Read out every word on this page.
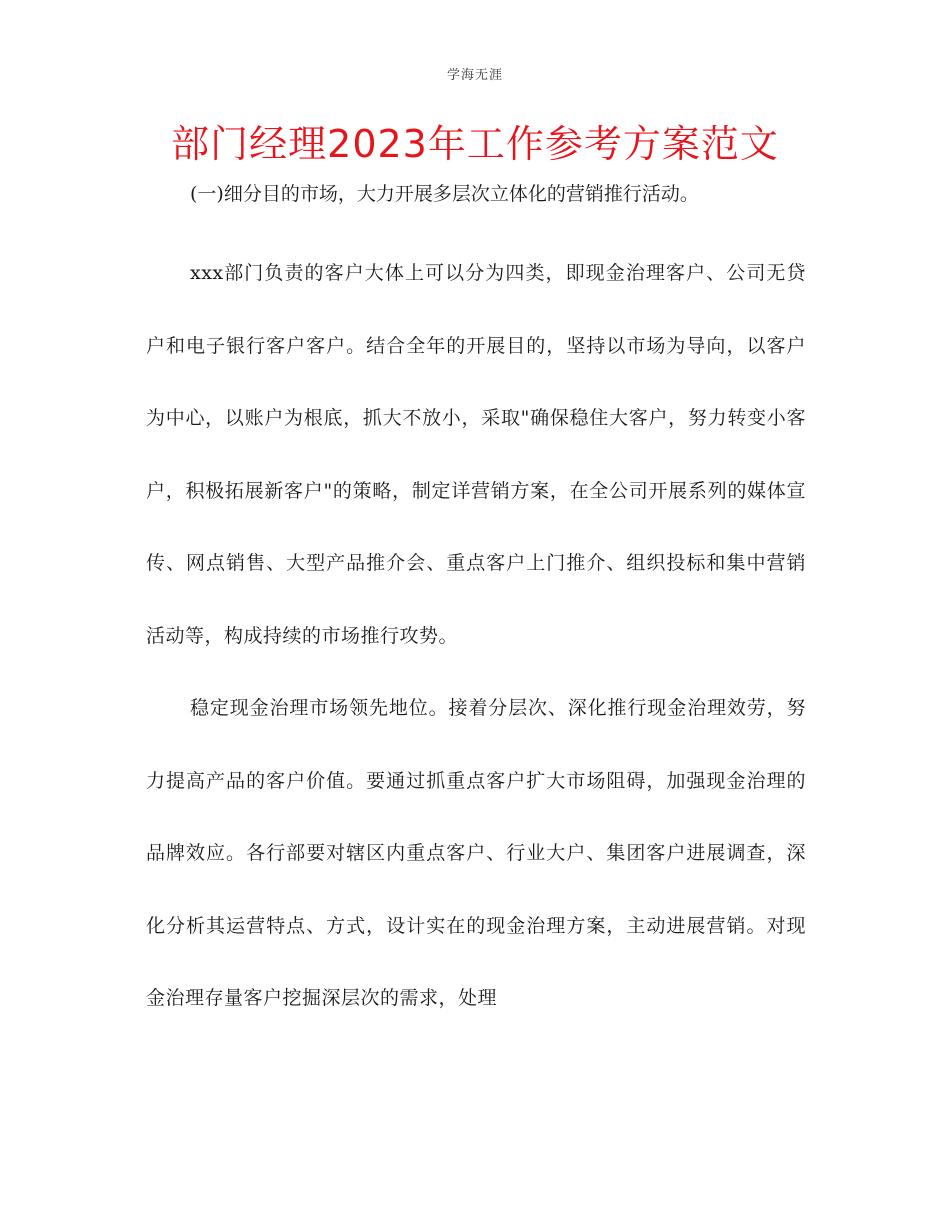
学海无涯
部门经理2023年工作参考方案范文

(一)细分目的市场，大力开展多层次立体化的营销推行活动。

xxx部门负责的客户大体上可以分为四类，即现金治理客户、公司无贷户和电子银行客户客户。结合全年的开展目的，坚持以市场为导向，以客户为中心，以账户为根底，抓大不放小，采取"确保稳住大客户，努力转变小客户，积极拓展新客户"的策略，制定详营销方案，在全公司开展系列的媒体宣传、网点销售、大型产品推介会、重点客户上门推介、组织投标和集中营销活动等，构成持续的市场推行攻势。

稳定现金治理市场领先地位。接着分层次、深化推行现金治理效劳，努力提高产品的客户价值。要通过抓重点客户扩大市场阻碍，加强现金治理的品牌效应。各行部要对辖区内重点客户、行业大户、集团客户进展调查，深化分析其运营特点、方式，设计实在的现金治理方案，主动进展营销。对现金治理存量客户挖掘深层次的需求，处理
